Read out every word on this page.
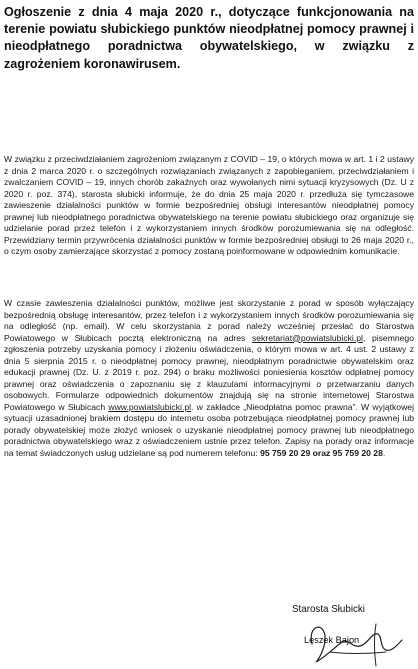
Ogłoszenie z dnia 4 maja 2020 r., dotyczące funkcjonowania na terenie powiatu słubickiego punktów nieodpłatnej pomocy prawnej i nieodpłatnego poradnictwa obywatelskiego, w związku z zagrożeniem koronawirusem.

W związku z przeciwdziałaniem zagrożeniom związanym z COVID – 19, o których mowa w art. 1 i 2 ustawy z dnia 2 marca 2020 r. o szczególnych rozwiązaniach związanych z zapobieganiem, przeciwdziałaniem i zwalczaniem COVID – 19, innych chorób zakaźnych oraz wywołanych nimi sytuacji kryzysowych (Dz. U z 2020 r. poz. 374), starosta słubicki informuje, że do dnia 25 maja 2020 r. przedłuża się tymczasowe zawieszenie działalności punktów w formie bezpośredniej obsługi interesantów nieodpłatnej pomocy prawnej lub nieodpłatnego poradnictwa obywatelskiego na terenie powiatu słubickiego oraz organizuje się udzielanie porad przez telefon i z wykorzystaniem innych środków porozumiewania się na odległość. Przewidziany termin przywrócenia działalności punktów w formie bezpośredniej obsługi to 26 maja 2020 r., o czym osoby zamierzające skorzystać z pomocy zostaną poinformowane w odpowiednim komunikacie.

W czasie zawieszenia działalności punktów, możliwe jest skorzystanie z porad w sposób wyłączający bezpośrednią obsługę interesantów, przez telefon i z wykorzystaniem innych środków porozumiewania się na odległość (np. email). W celu skorzystania z porad należy wcześniej przesłać do Starostwa Powiatowego w Słubicach pocztą elektroniczną na adres sekretariat@powiatslubicki.pl, pisemnego zgłoszenia potrzeby uzyskania pomocy i złożeniu oświadczenia, o którym mowa w art. 4 ust. 2 ustawy z dnia 5 sierpnia 2015 r. o nieodpłatnej pomocy prawnej, nieodpłatnym poradnictwie obywatelskim oraz edukacji prawnej (Dz. U. z 2019 r. poz. 294) o braku możliwości poniesienia kosztów odpłatnej pomocy prawnej oraz oświadczenia o zapoznaniu się z klauzulami informacyjnymi o przetwarzaniu danych osobowych. Formularze odpowiednich dokumentów znajdują się na stronie internetowej Starostwa Powiatowego w Słubicach www.powiatslubicki.pl. w zakładce „Nieodpłatna pomoc prawna”. W wyjątkowej sytuacji uzasadnionej brakiem dostępu do internetu osoba potrzebująca nieodpłatnej pomocy prawnej lub porady obywatelskiej może złożyć wniosek o uzyskanie nieodpłatnej pomocy prawnej lub nieodpłatnego poradnictwa obywatelskiego wraz z oświadczeniem ustnie przez telefon. Zapisy na porady oraz informacje na temat świadczonych usług udzielane są pod numerem telefonu: 95 759 20 29 oraz 95 759 20 28.

Starosta Słubicki
Leszek Bajon
